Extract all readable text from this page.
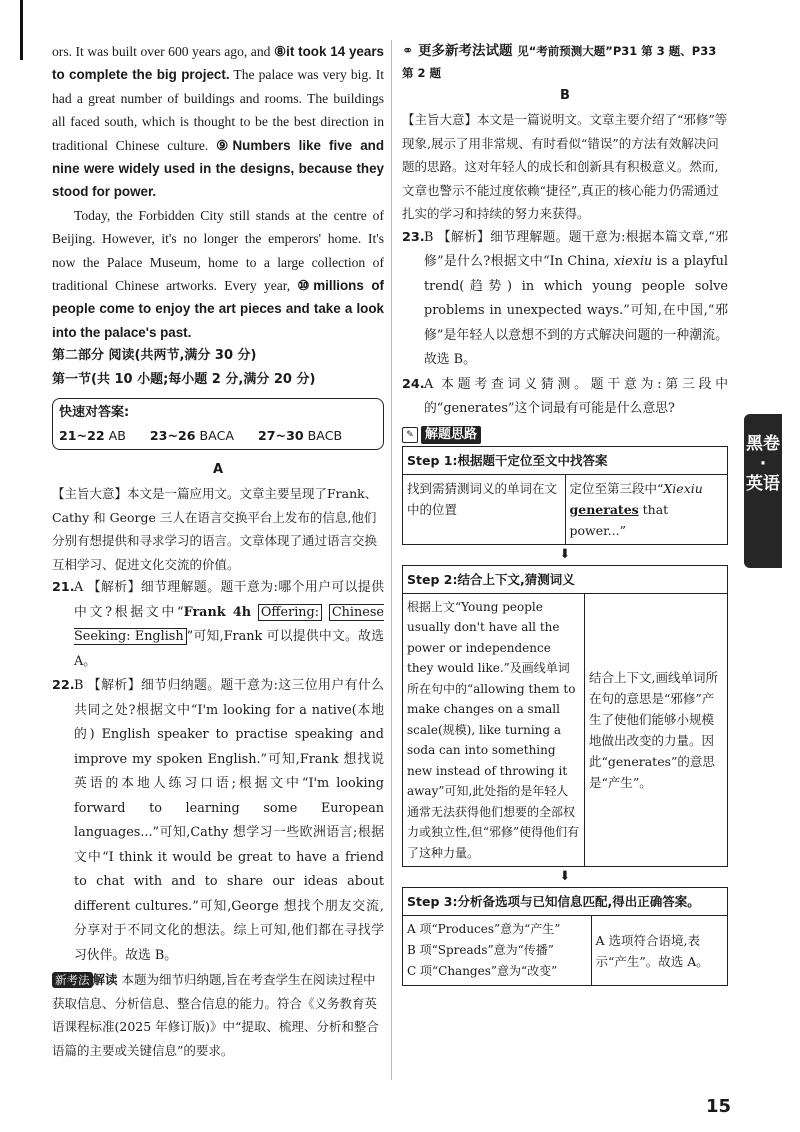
ors. It was built over 600 years ago, and ⑧it took 14 years to complete the big project. The palace was very big. It had a great number of buildings and rooms. The buildings all faced south, which is thought to be the best direction in traditional Chinese culture. ⑨Numbers like five and nine were widely used in the designs, because they stood for power.

Today, the Forbidden City still stands at the centre of Beijing. However, it's no longer the emperors' home. It's now the Palace Museum, home to a large collection of traditional Chinese artworks. Every year, ⑩millions of people come to enjoy the art pieces and take a look into the palace's past.

第二部分 阅读(共两节,满分 30 分)

第一节(共 10 小题;每小题 2 分,满分 20 分)

快速对答案:
21~22 AB 23~26 BACA 27~30 BACB

A

【主旨大意】本文是一篇应用文。文章主要呈现了Frank、Cathy 和 George 三人在语言交换平台上发布的信息,他们分别有想提供和寻求学习的语言。文章体现了通过语言交换互相学习、促进文化交流的价值。

21. A 【解析】细节理解题。题干意为:哪个用户可以提供中文?根据文中“Frank 4h Offering: Chinese Seeking: English ”可知,Frank 可以提供中文。故选 A。
22. B 【解析】细节归纳题。题干意为:这三位用户有什么共同之处?根据文中“I'm looking for a native(本地的) English speaker to practise speaking and improve my spoken English.”可知,Frank 想找说英语的本地人练习口语;根据文中“I'm looking forward to learning some European languages...”可知,Cathy 想学习一些欧洲语言;根据文中“I think it would be great to have a friend to chat with and to share our ideas about different cultures.”可知,George 想找个朋友交流,分享对于不同文化的想法。综上可知,他们都在寻找学习伙伴。故选 B。

新考法 解读 本题为细节归纳题,旨在考查学生在阅读过程中获取信息、分析信息、整合信息的能力。符合《义务教育英语课程标准(2025 年修订版)》中“提取、梳理、分析和整合语篇的主要或关键信息”的要求。

⚭ 更多新考法试题 见“考前预测大题”P31 第 3 题、P33 第 2 题

B

【主旨大意】本文是一篇说明文。文章主要介绍了“邪修”等现象,展示了用非常规、有时看似“错误”的方法有效解决问题的思路。这对年轻人的成长和创新具有积极意义。然而,文章也警示不能过度依赖“捷径”,真正的核心能力仍需通过扎实的学习和持续的努力来获得。

23. B 【解析】细节理解题。题干意为:根据本篇文章,“邪修”是什么?根据文中“In China, xiexiu is a playful trend(趋势) in which young people solve problems in unexpected ways.”可知,在中国,“邪修”是年轻人以意想不到的方式解决问题的一种潮流。故选 B。
24. A 本题考查词义猜测。题干意为:第三段中的“generates”这个词最有可能是什么意思?
✎ 解题思路
Step 1:根据题干定位至文中找答案
找到需猜测词义的单词在文中的位置	定位至第三段中“Xiexiu generates that power...”
⬇
Step 2:结合上下文,猜测词义
根据上文“Young people usually don't have all the power or independence they would like.”及画线单词所在句中的“allowing them to make changes on a small scale(规模), like turning a soda can into something new instead of throwing it away”可知,此处指的是年轻人通常无法获得他们想要的全部权力或独立性,但“邪修”使得他们有了这种力量。	结合上下文,画线单词所在句的意思是“邪修”产生了使他们能够小规模地做出改变的力量。因此“generates”的意思是“产生”。
⬇
Step 3:分析备选项与已知信息匹配,得出正确答案。

A 项“Produces”意为“产生”
B 项“Spreads”意为“传播”
C 项“Changes”意为“改变”
	A 选项符合语境,表示“产生”。故选 A。
黑卷
·
英语
15
